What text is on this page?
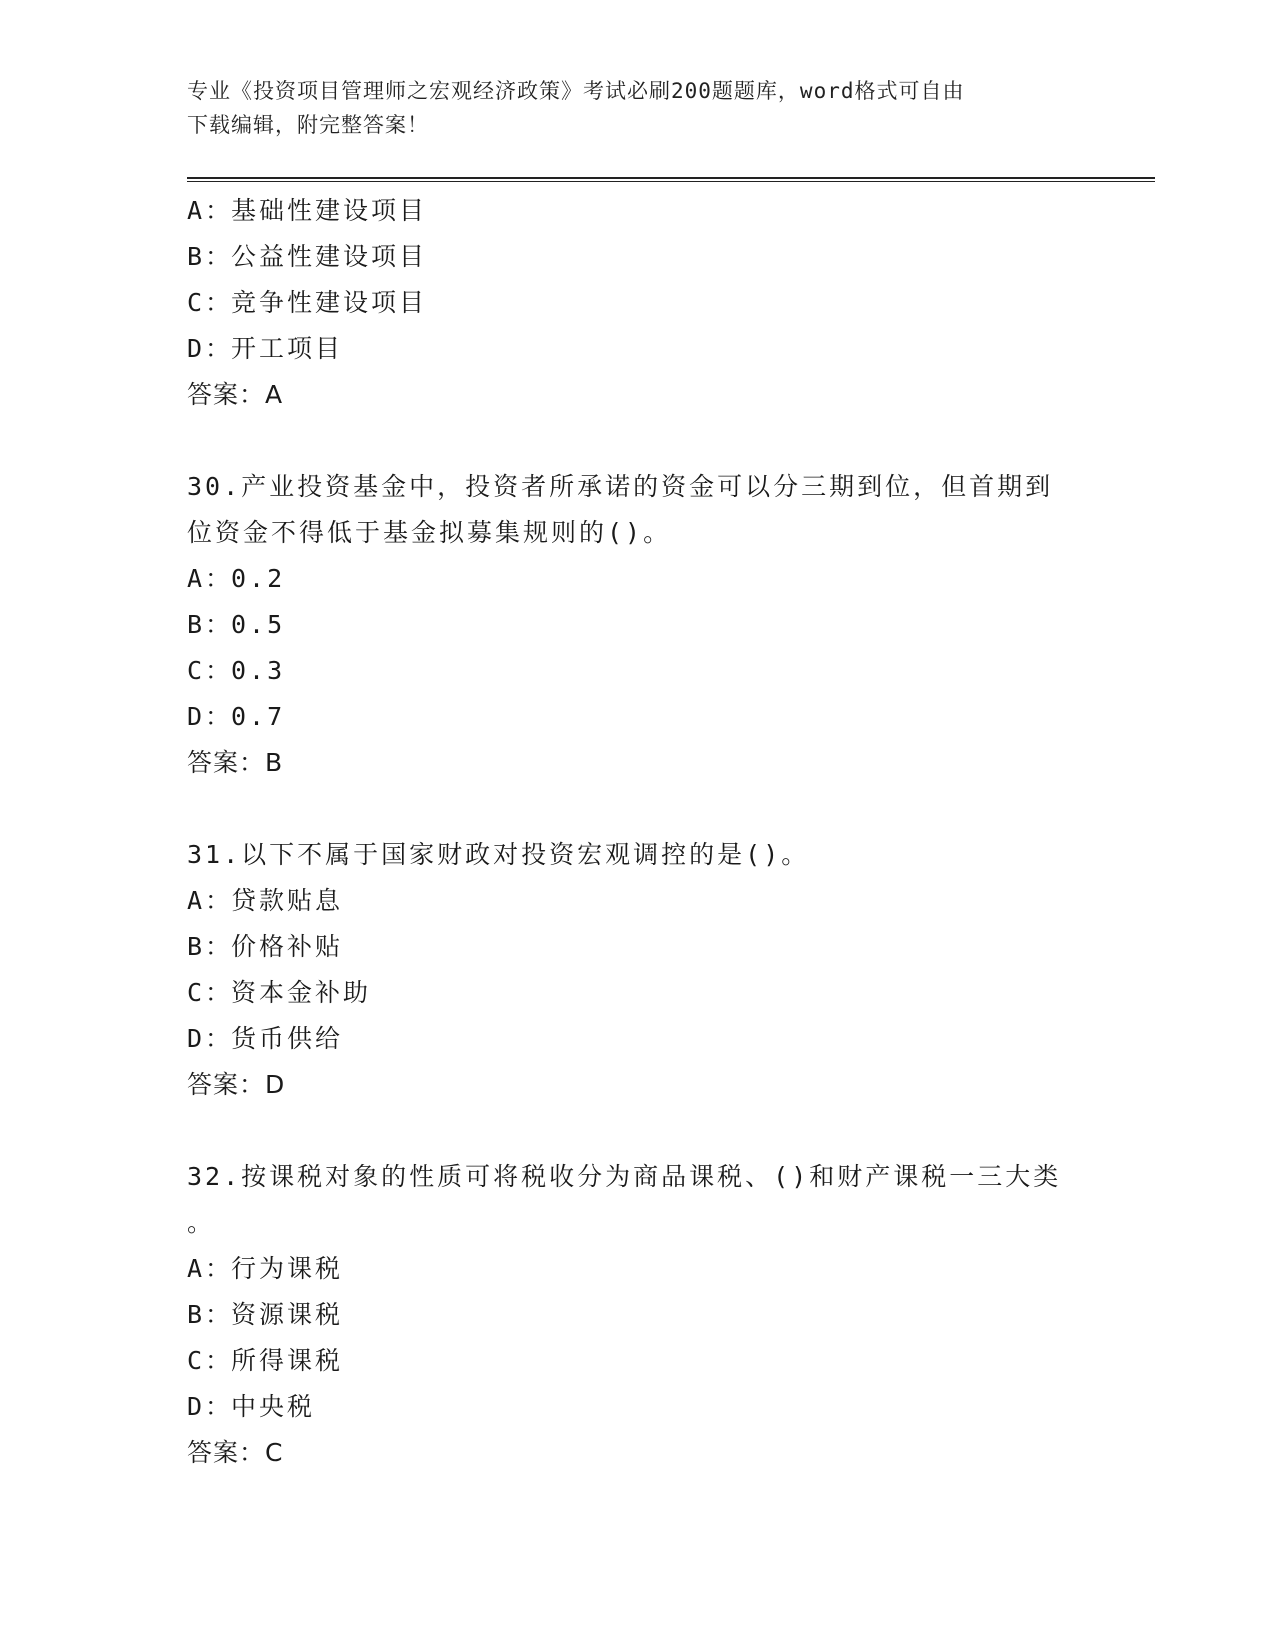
专业《投资项目管理师之宏观经济政策》考试必刷200题题库，word格式可自由
下载编辑，附完整答案！
A：基础性建设项目
B：公益性建设项目
C：竞争性建设项目
D：开工项目
答案：A
30.产业投资基金中，投资者所承诺的资金可以分三期到位，但首期到
位资金不得低于基金拟募集规则的()。
A：0.2
B：0.5
C：0.3
D：0.7
答案：B
31.以下不属于国家财政对投资宏观调控的是()。
A：贷款贴息
B：价格补贴
C：资本金补助
D：货币供给
答案：D
32.按课税对象的性质可将税收分为商品课税、()和财产课税一三大类
。
A：行为课税
B：资源课税
C：所得课税
D：中央税
答案：C
